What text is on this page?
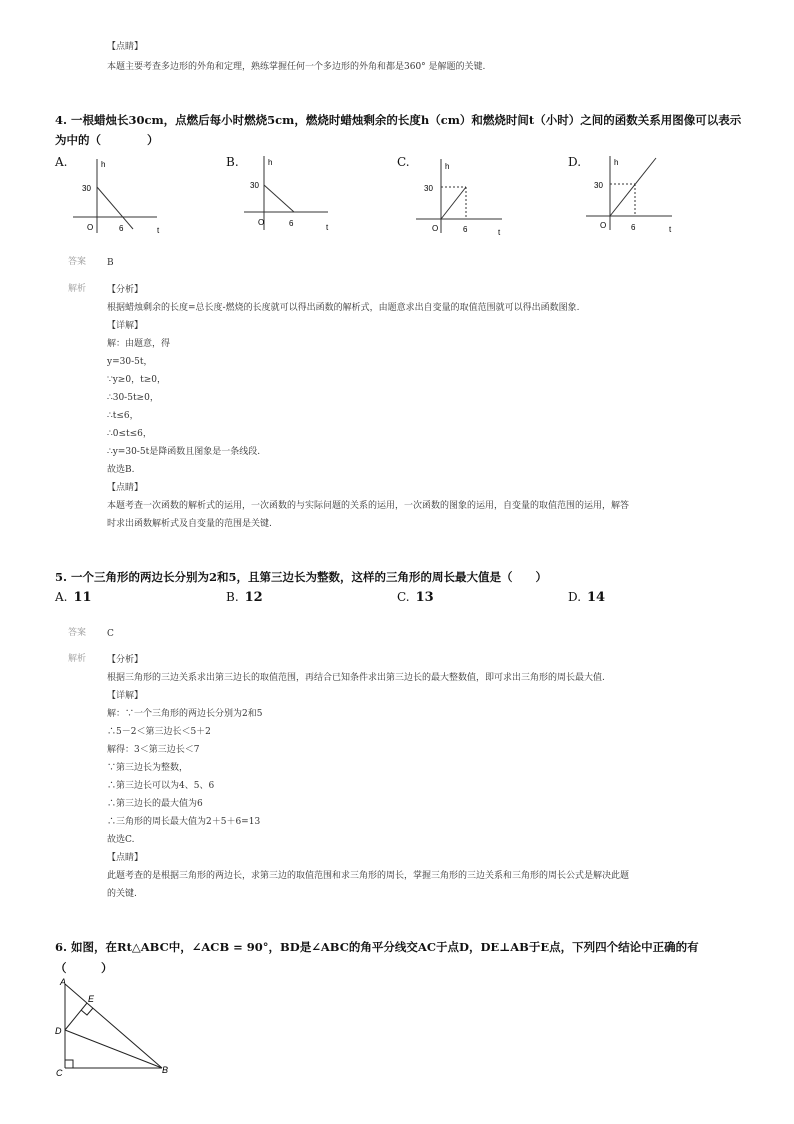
【点睛】
本题主要考查多边形的外角和定理，熟练掌握任何一个多边形的外角和都是360° 是解题的关键.
4. 一根蜡烛长30cm，点燃后每小时燃烧5cm，燃烧时蜡烛剩余的长度h（cm）和燃烧时间t（小时）之间的函数关系用图像可以表示
为中的（　　　　）
A.	h
30
O	6	t
B.	h
30
O	6	t
C.	h
30
O	6	t
D.	h
30
O	6	t
答案 B
解析 【分析】
根据蜡烛剩余的长度=总长度-燃烧的长度就可以得出函数的解析式，由题意求出自变量的取值范围就可以得出函数图象.
【详解】
解：由题意，得
y=30-5t，
∵y≥0，t≥0，
∴30-5t≥0，
∴t≤6，
∴0≤t≤6，
∴y=30-5t是降函数且图象是一条线段.
故选B.
【点睛】
本题考查一次函数的解析式的运用，一次函数的与实际问题的关系的运用，一次函数的图象的运用，自变量的取值范围的运用，解答
时求出函数解析式及自变量的范围是关键.
5. 一个三角形的两边长分别为2和5，且第三边长为整数，这样的三角形的周长最大值是（　　）
A. 11	B. 12	C. 13	D. 14
答案 C
解析 【分析】
根据三角形的三边关系求出第三边长的取值范围，再结合已知条件求出第三边长的最大整数值，即可求出三角形的周长最大值.
【详解】
解：∵一个三角形的两边长分别为2和5
∴5－2＜第三边长＜5＋2
解得：3＜第三边长＜7
∵第三边长为整数，
∴第三边长可以为4、5、6
∴第三边长的最大值为6
∴三角形的周长最大值为2＋5＋6=13
故选C.
【点睛】
此题考查的是根据三角形的两边长，求第三边的取值范围和求三角形的周长，掌握三角形的三边关系和三角形的周长公式是解决此题
的关键.
6. 如图，在Rt△ABC中，∠ACB = 90°，BD是∠ABC的角平分线交AC于点D，DE⊥AB于E点，下列四个结论中正确的有
（　　　）
A
E
D
C	B
